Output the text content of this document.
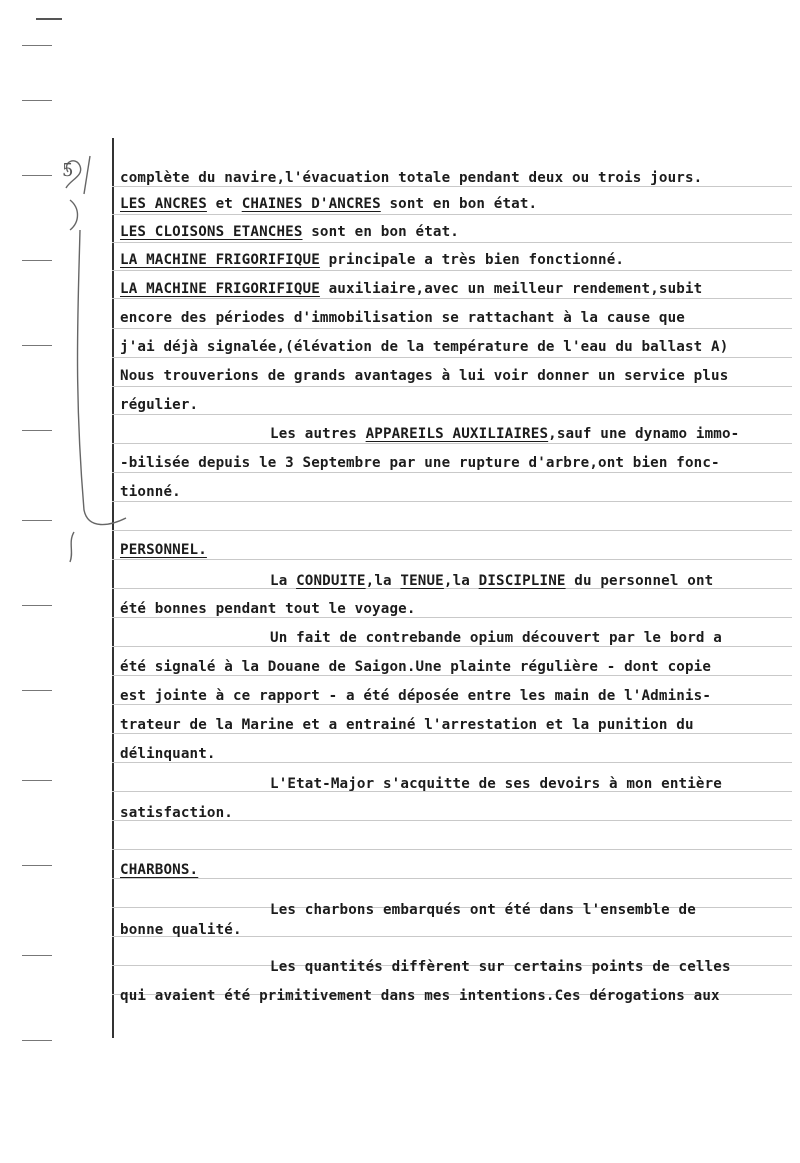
5	complète du navire,l'évacuation totale pendant deux ou trois jours.
LES ANCRES et CHAINES D'ANCRES sont en bon état.
LES CLOISONS ETANCHES sont en bon état.
LA MACHINE FRIGORIFIQUE principale a très bien fonctionné.
LA MACHINE FRIGORIFIQUE auxiliaire,avec un meilleur rendement,subit
encore des périodes d'immobilisation se rattachant à la cause que
j'ai déjà signalée,(élévation de la température de l'eau du ballast A)
Nous trouverions de grands avantages à lui voir donner un service plus
régulier.
Les autres APPAREILS AUXILIAIRES,sauf une dynamo immo-
-bilisée depuis le 3 Septembre par une rupture d'arbre,ont bien fonc-
tionné.
PERSONNEL.
La CONDUITE,la TENUE,la DISCIPLINE du personnel ont
été bonnes pendant tout le voyage.
Un fait de contrebande opium découvert par le bord a
été signalé à la Douane de Saigon.Une plainte régulière - dont copie
est jointe à ce rapport - a été déposée entre les main de l'Adminis-
trateur de la Marine et a entrainé l'arrestation et la punition du
délinquant.
L'Etat-Major s'acquitte de ses devoirs à mon entière
satisfaction.
CHARBONS.
Les charbons embarqués ont été dans l'ensemble de
bonne qualité.
Les quantités diffèrent sur certains points de celles
qui avaient été primitivement dans mes intentions.Ces dérogations aux
